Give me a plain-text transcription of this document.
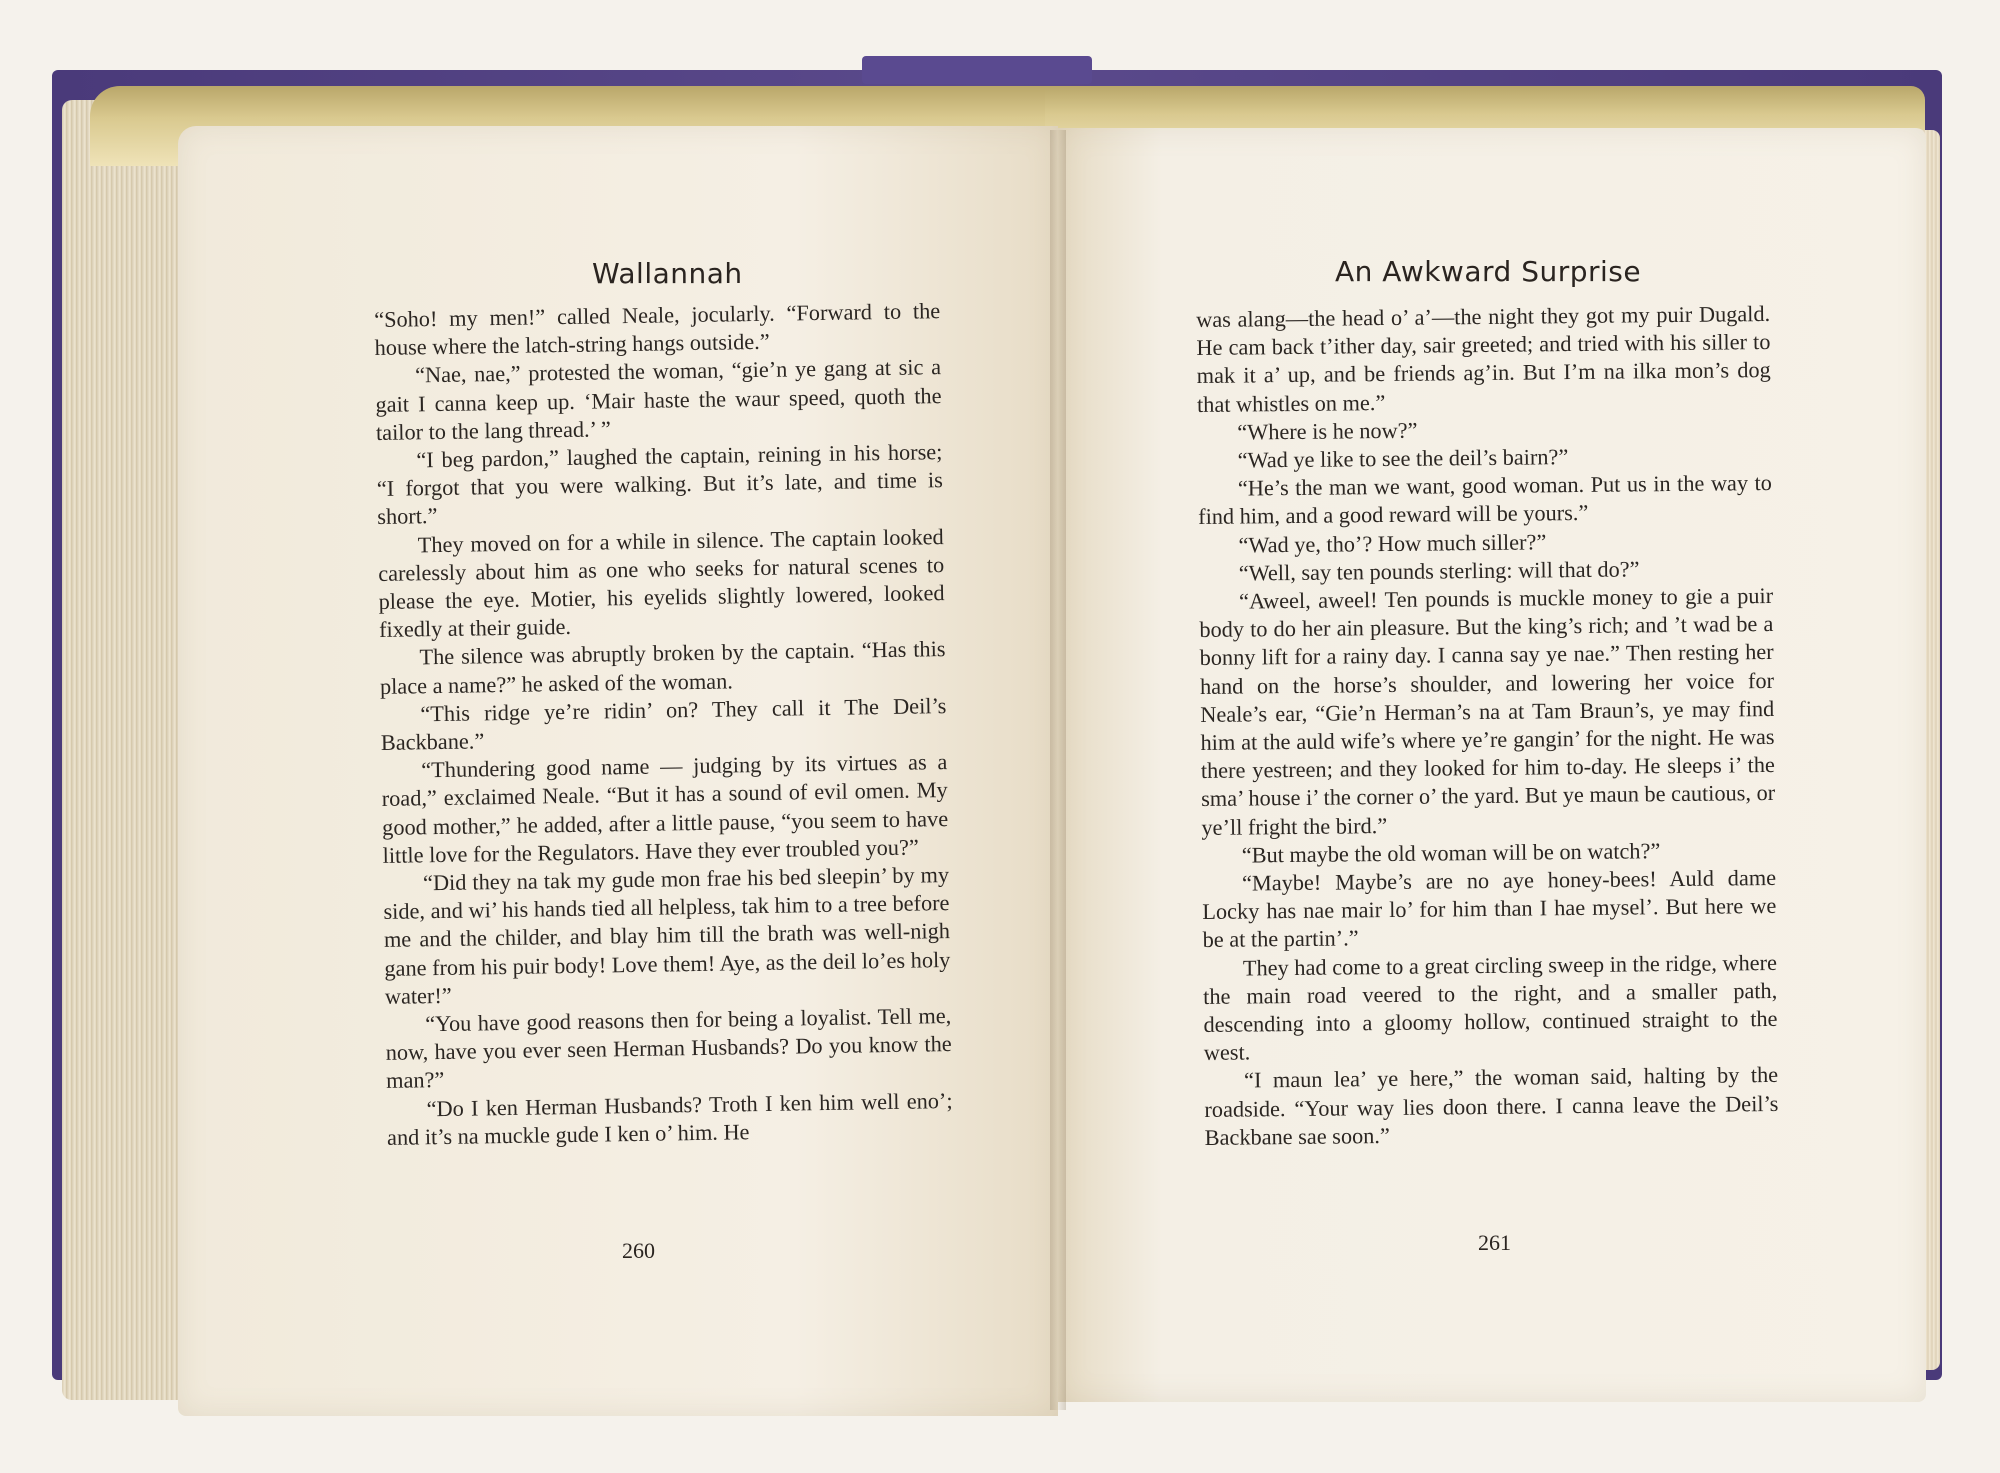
Wallannah	An Awkward Surprise

“Soho! my men!” called Neale, jocularly. “Forward to the house where the latch-string hangs outside.”

“Nae, nae,” protested the woman, “gie’n ye gang at sic a gait I canna keep up. ‘Mair haste the waur speed, quoth the tailor to the lang thread.’ ”

“I beg pardon,” laughed the captain, reining in his horse; “I forgot that you were walking. But it’s late, and time is short.”

They moved on for a while in silence. The captain looked carelessly about him as one who seeks for natural scenes to please the eye. Motier, his eyelids slightly lowered, looked fixedly at their guide.

The silence was abruptly broken by the captain. “Has this place a name?” he asked of the woman.

“This ridge ye’re ridin’ on? They call it The Deil’s Backbane.”

“Thundering good name — judging by its virtues as a road,” exclaimed Neale. “But it has a sound of evil omen. My good mother,” he added, after a little pause, “you seem to have little love for the Regulators. Have they ever troubled you?”

“Did they na tak my gude mon frae his bed sleepin’ by my side, and wi’ his hands tied all helpless, tak him to a tree before me and the childer, and blay him till the brath was well-nigh gane from his puir body! Love them! Aye, as the deil lo’es holy water!”

“You have good reasons then for being a loyalist. Tell me, now, have you ever seen Herman Husbands? Do you know the man?”

“Do I ken Herman Husbands? Troth I ken him well eno’; and it’s na muckle gude I ken o’ him. He

was alang—the head o’ a’—the night they got my puir Dugald. He cam back t’ither day, sair greeted; and tried with his siller to mak it a’ up, and be friends ag’in. But I’m na ilka mon’s dog that whistles on me.”

“Where is he now?”

“Wad ye like to see the deil’s bairn?”

“He’s the man we want, good woman. Put us in the way to find him, and a good reward will be yours.”

“Wad ye, tho’? How much siller?”

“Well, say ten pounds sterling: will that do?”

“Aweel, aweel! Ten pounds is muckle money to gie a puir body to do her ain pleasure. But the king’s rich; and ’t wad be a bonny lift for a rainy day. I canna say ye nae.” Then resting her hand on the horse’s shoulder, and lowering her voice for Neale’s ear, “Gie’n Herman’s na at Tam Braun’s, ye may find him at the auld wife’s where ye’re gangin’ for the night. He was there yestreen; and they looked for him to-day. He sleeps i’ the sma’ house i’ the corner o’ the yard. But ye maun be cautious, or ye’ll fright the bird.”

“But maybe the old woman will be on watch?”

“Maybe! Maybe’s are no aye honey-bees! Auld dame Locky has nae mair lo’ for him than I hae mysel’. But here we be at the partin’.”

They had come to a great circling sweep in the ridge, where the main road veered to the right, and a smaller path, descending into a gloomy hollow, continued straight to the west.

“I maun lea’ ye here,” the woman said, halting by the roadside. “Your way lies doon there. I canna leave the Deil’s Backbane sae soon.”

260	261
